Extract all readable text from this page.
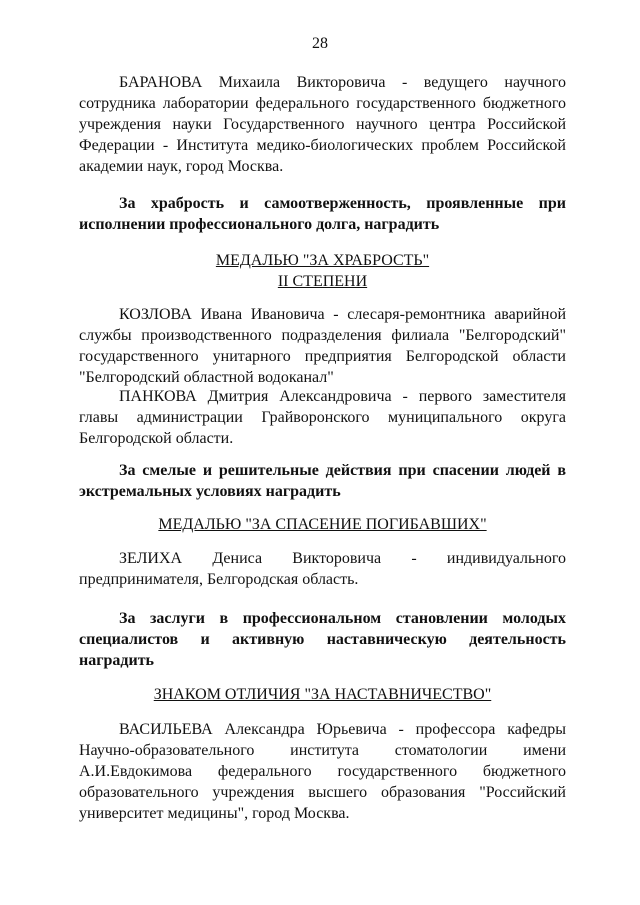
28

БАРАНОВА Михаила Викторовича - ведущего научного сотрудника лаборатории федерального государственного бюджетного учреждения науки Государственного научного центра Российской Федерации - Института медико-биологических проблем Российской академии наук, город Москва.

За храбрость и самоотверженность, проявленные при исполнении профессионального долга, наградить

МЕДАЛЬЮ "ЗА ХРАБРОСТЬ"
II СТЕПЕНИ

КОЗЛОВА Ивана Ивановича - слесаря-ремонтника аварийной службы производственного подразделения филиала "Белгородский" государственного унитарного предприятия Белгородской области "Белгородский областной водоканал"

ПАНКОВА Дмитрия Александровича - первого заместителя главы администрации Грайворонского муниципального округа Белгородской области.

За смелые и решительные действия при спасении людей в экстремальных условиях наградить

МЕДАЛЬЮ "ЗА СПАСЕНИЕ ПОГИБАВШИХ"

ЗЕЛИХА Дениса Викторовича - индивидуального предпринимателя, Белгородская область.

За заслуги в профессиональном становлении молодых специалистов и активную наставническую деятельность наградить

ЗНАКОМ ОТЛИЧИЯ "ЗА НАСТАВНИЧЕСТВО"

ВАСИЛЬЕВА Александра Юрьевича - профессора кафедры Научно-образовательного института стоматологии имени А.И.Евдокимова федерального государственного бюджетного образовательного учреждения высшего образования "Российский университет медицины", город Москва.
